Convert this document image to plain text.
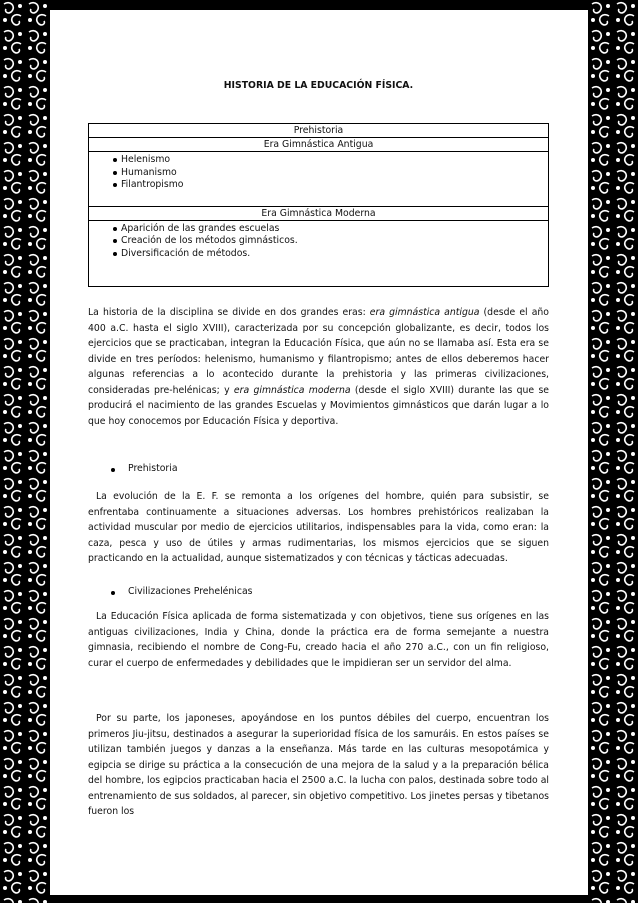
HISTORIA DE LA EDUCACIÓN FÍSICA.
Prehistoria
Era Gimnástica Antigua

Helenismo
Humanismo
Filantropismo

Era Gimnástica Moderna

Aparición de las grandes escuelas
Creación de los métodos gimnásticos.
Diversificación de métodos.

La historia de la disciplina se divide en dos grandes eras: era gimnástica antigua (desde el año 400 a.C. hasta el siglo XVIII), caracterizada por su concepción globalizante, es decir, todos los ejercicios que se practicaban, integran la Educación Física, que aún no se llamaba así. Esta era se divide en tres períodos: helenismo, humanismo y filantropismo; antes de ellos deberemos hacer algunas referencias a lo acontecido durante la prehistoria y las primeras civilizaciones, consideradas pre-helénicas; y era gimnástica moderna (desde el siglo XVIII) durante las que se producirá el nacimiento de las grandes Escuelas y Movimientos gimnásticos que darán lugar a lo que hoy conocemos por Educación Física y deportiva.

Prehistoria

La evolución de la E. F. se remonta a los orígenes del hombre, quién para subsistir, se enfrentaba continuamente a situaciones adversas. Los hombres prehistóricos realizaban la actividad muscular por medio de ejercicios utilitarios, indispensables para la vida, como eran: la caza, pesca y uso de útiles y armas rudimentarias, los mismos ejercicios que se siguen practicando en la actualidad, aunque sistematizados y con técnicas y tácticas adecuadas.

Civilizaciones Prehelénicas

La Educación Física aplicada de forma sistematizada y con objetivos, tiene sus orígenes en las antiguas civilizaciones, India y China, donde la práctica era de forma semejante a nuestra gimnasia, recibiendo el nombre de Cong-Fu, creado hacia el año 270 a.C., con un fin religioso, curar el cuerpo de enfermedades y debilidades que le impidieran ser un servidor del alma.

Por su parte, los japoneses, apoyándose en los puntos débiles del cuerpo, encuentran los primeros Jiu-jitsu, destinados a asegurar la superioridad física de los samuráis. En estos países se utilizan también juegos y danzas a la enseñanza. Más tarde en las culturas mesopotámica y egipcia se dirige su práctica a la consecución de una mejora de la salud y a la preparación bélica del hombre, los egipcios practicaban hacia el 2500 a.C. la lucha con palos, destinada sobre todo al entrenamiento de sus soldados, al parecer, sin objetivo competitivo. Los jinetes persas y tibetanos fueron los
